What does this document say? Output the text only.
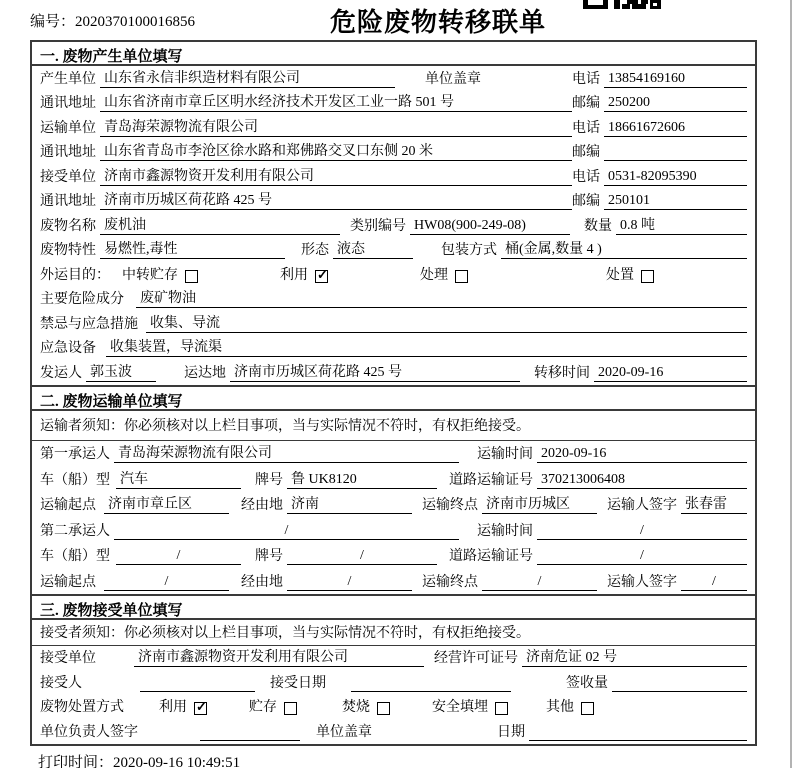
编号：2020370100016856	危险废物转移联单
一. 废物产生单位填写
产生单位 山东省永信非织造材料有限公司	单位盖章	电话 13854169160
通讯地址 山东省济南市章丘区明水经济技术开发区工业一路 501 号	邮编 250200
运输单位 青岛海荣源物流有限公司	电话 18661672606
通讯地址 山东省青岛市李沧区徐水路和郑佛路交叉口东侧 20 米	邮编
接受单位 济南市鑫源物资开发利用有限公司	电话 0531-82095390
通讯地址 济南市历城区荷花路 425 号	邮编 250101
废物名称 废机油	类别编号 HW08(900-249-08)	数量 0.8 吨
废物特性 易燃性,毒性	形态 液态	包装方式 桶(金属,数量 4 )
外运目的： 中转贮存	利用 ✓	处理	处置
主要危险成分 废矿物油
禁忌与应急措施 收集、导流
应急设备 收集装置，导流渠
发运人 郭玉波	运达地 济南市历城区荷花路 425 号	转移时间 2020-09-16
二. 废物运输单位填写
运输者须知： 你必须核对以上栏目事项，当与实际情况不符时，有权拒绝接受。
第一承运人 青岛海荣源物流有限公司	运输时间 2020-09-16
车（船）型 汽车	牌号 鲁 UK8120	道路运输证号 370213006408
运输起点 济南市章丘区	经由地 济南	运输终点 济南市历城区	运输人签字 张春雷
第二承运人	/	运输时间	/
车（船）型	/	牌号	/	道路运输证号	/
运输起点	/	经由地	/	运输终点	/	运输人签字	/
三. 废物接受单位填写
接受者须知： 你必须核对以上栏目事项，当与实际情况不符时，有权拒绝接受。
接受单位	济南市鑫源物资开发利用有限公司	经营许可证号 济南危证 02 号
接受人	接受日期	签收量
废物处置方式	利用 ✓	贮存	焚烧	安全填埋	其他
单位负责人签字	单位盖章	日期
打印时间：2020-09-16 10:49:51
